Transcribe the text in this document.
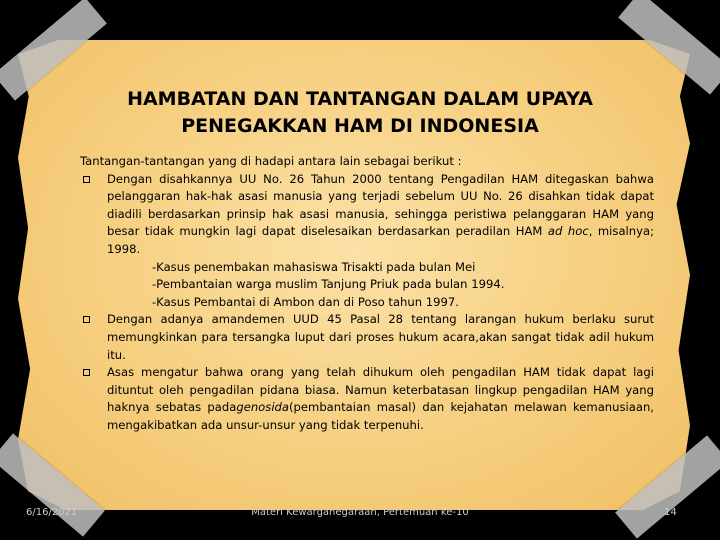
HAMBATAN DAN TANTANGAN DALAM UPAYA
PENEGAKKAN HAM DI INDONESIA

Tantangan-tantangan yang di hadapi antara lain sebagai berikut :

Dengan disahkannya UU No. 26 Tahun 2000 tentang Pengadilan HAM ditegaskan bahwa pelanggaran hak-hak asasi manusia yang terjadi sebelum UU No. 26 disahkan tidak dapat diadili berdasarkan prinsip hak asasi manusia, sehingga peristiwa pelanggaran HAM yang besar tidak mungkin lagi dapat diselesaikan berdasarkan peradilan HAM ad hoc, misalnya; 1998.

-Kasus penembakan mahasiswa Trisakti pada bulan Mei

-Pembantaian warga muslim Tanjung Priuk pada bulan 1994.

-Kasus Pembantai di Ambon dan di Poso tahun 1997.

Dengan adanya amandemen UUD 45 Pasal 28 tentang larangan hukum berlaku surut memungkinkan para tersangka luput dari proses hukum acara,akan sangat tidak adil hukum itu.
Asas mengatur bahwa orang yang telah dihukum oleh pengadilan HAM tidak dapat lagi dituntut oleh pengadilan pidana biasa. Namun keterbatasan lingkup pengadilan HAM yang haknya sebatas padagenosida(pembantaian masal) dan kejahatan melawan kemanusiaan, mengakibatkan ada unsur-unsur yang tidak terpenuhi.
6/16/2021	Materi Kewarganegaraan, Pertemuan ke-10	14
